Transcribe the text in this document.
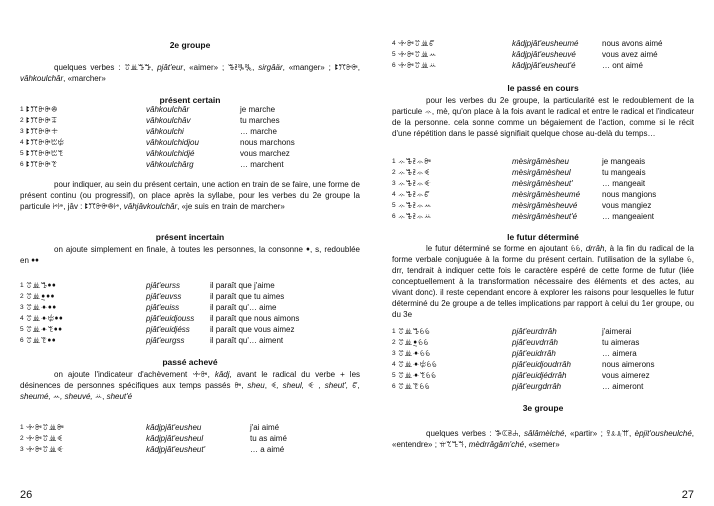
2e groupe
quelques verbes : ꔢꔣꔤꔥ, pjât'eur, «aimer» ; ꔦꔧꔨꔩ, sirgâär, «manger» ; ꔪꔫꔬꔭ, vâhkoulchâr, «marcher»
présent certain
1 ꔪꔫꔬꔭꔮ	vâhkoulchâr	je marche
2 ꔪꔫꔬꔭꔯ	vâhkoulchâv	tu marches
3 ꔪꔫꔬꔭꔰ	vâhkoulchi	… marche
4 ꔪꔫꔬꔭꔱꔲ	vâhkoulchidjou	nous marchons
5 ꔪꔫꔬꔭꔱꔳ	vâhkoulchidjé	vous marchez
6 ꔪꔫꔬꔭꔴ	vâhkoulchârg	… marchent
pour indiquer, au sein du présent certain, une action en train de se faire, une forme de présent continu (ou progressif), on place après la syllabe, pour les verbes du 2e groupe la particule ꔵꔶ, jâv : ꔪꔫꔬꔭꔮꔵ, vâhjâvkoulchâr, «je suis en train de marcher»
présent incertain
on ajoute simplement en finale, à toutes les personnes, la consonne ꔷ, s, redoublée en ꔷꔷ
1 ꔢꔣꔤꔷꔷ	pjât'eurss	il paraît que j'aime
2 ꔢꔣꔸꔷꔷ	pjât'euvss	il paraît que tu aimes
3 ꔢꔣꔹꔷꔷ	pjât'euiss	il paraît qu'… aime
4 ꔢꔣꔹꔲꔷꔷ	pjât'euidjouss il paraît que nous aimons
5 ꔢꔣꔹꔳꔷꔷ	pjât'euidjéss	il paraît que vous aimez
6 ꔢꔣꔴꔷꔷ	pjât'eurgss	il paraît qu'… aiment
passé achevé
on ajoute l'indicateur d'achèvement ꔺꔻ, kâdj, avant le radical du verbe + les désinences de personnes spécifiques aux temps passés ꔼ, sheu, ꔽ, sheul, ꔾ , sheut', ꔿ, sheumé, ꕀ, sheuvé, ꕁ, sheut'é
1 ꔺꔻꔢꔣꔼ	kâdjpjât'eusheu	j'ai aimé
2 ꔺꔻꔢꔣꔽ	kâdjpjât'eusheul	tu as aimé
3 ꔺꔻꔢꔣꔾ	kâdjpjât'eusheut'	… a aimé
26
4 ꔺꔻꔢꔣꔿ	kâdjpjât'eusheumé	nous avons aimé
5 ꔺꔻꔢꔣꕀ	kâdjpjât'eusheuvé	vous avez aimé
6 ꔺꔻꔢꔣꕁ	kâdjpjât'eusheut'é	… ont aimé
le passé en cours
pour les verbes du 2e groupe, la particularité est le redoublement de la particule ꕂ, mè, qu'on place à la fois avant le radical et entre le radical et l'indicateur de la personne. cela sonne comme un bégaiement de l'action, comme si le récit d'une répétition dans le passé signifiait quelque chose au-delà du temps…
1 ꕂꔦꔧꕂꔼ	mèsirgâmèsheu	je mangeais
2 ꕂꔦꔧꕂꔽ	mèsirgâmèsheul	tu mangeais
3 ꕂꔦꔧꕂꔾ	mèsirgâmèsheut'	… mangeait
4 ꕂꔦꔧꕂꔿ	mèsirgâmèsheumé	nous mangions
5 ꕂꔦꔧꕂꕀ	mèsirgâmèsheuvé	vous mangiez
6 ꕂꔦꔧꕂꕁ	mèsirgâmèsheut'é	… mangeaient
le futur déterminé
le futur déterminé se forme en ajoutant ꕃꕄ, drrâh, à la fin du radical de la forme verbale conjuguée à la forme du présent certain. l'utilisation de la syllabe ꕃ, drr, tendrait à indiquer cette fois le caractère espéré de cette forme de futur (liée conceptuellement à la transformation nécessaire des éléments et des actes, au vivant donc). il reste cependant encore à explorer les raisons pour lesquelles le futur déterminé du 2e groupe a de telles implications par rapport à celui du 1er groupe, ou du 3e
1 ꔢꔣꔤꕃꕄ	pjât'eurdrrâh	j'aimerai
2 ꔢꔣꔸꕃꕄ	pjât'euvdrrâh	tu aimeras
3 ꔢꔣꔹꕃꕄ	pjât'euidrrâh	… aimera
4 ꔢꔣꔹꔲꕃꕄ	pjât'euidjoudrrâh	nous aimerons
5 ꔢꔣꔹꔳꕃꕄ	pjât'euidjédrrâh	vous aimerez
6 ꔢꔣꔴꕃꕄ	pjât'eurgdrrâh	… aimeront
3e groupe
quelques verbes : ꕅꕆꕇꕈ, sâlâmèlché, «partir» ; ꕉꕊꕋꕌ, èpjit'ousheulché, «entendre» ; ꕍꕎꕏꕐ, mèdrrâgâm'ché, «semer»
27
